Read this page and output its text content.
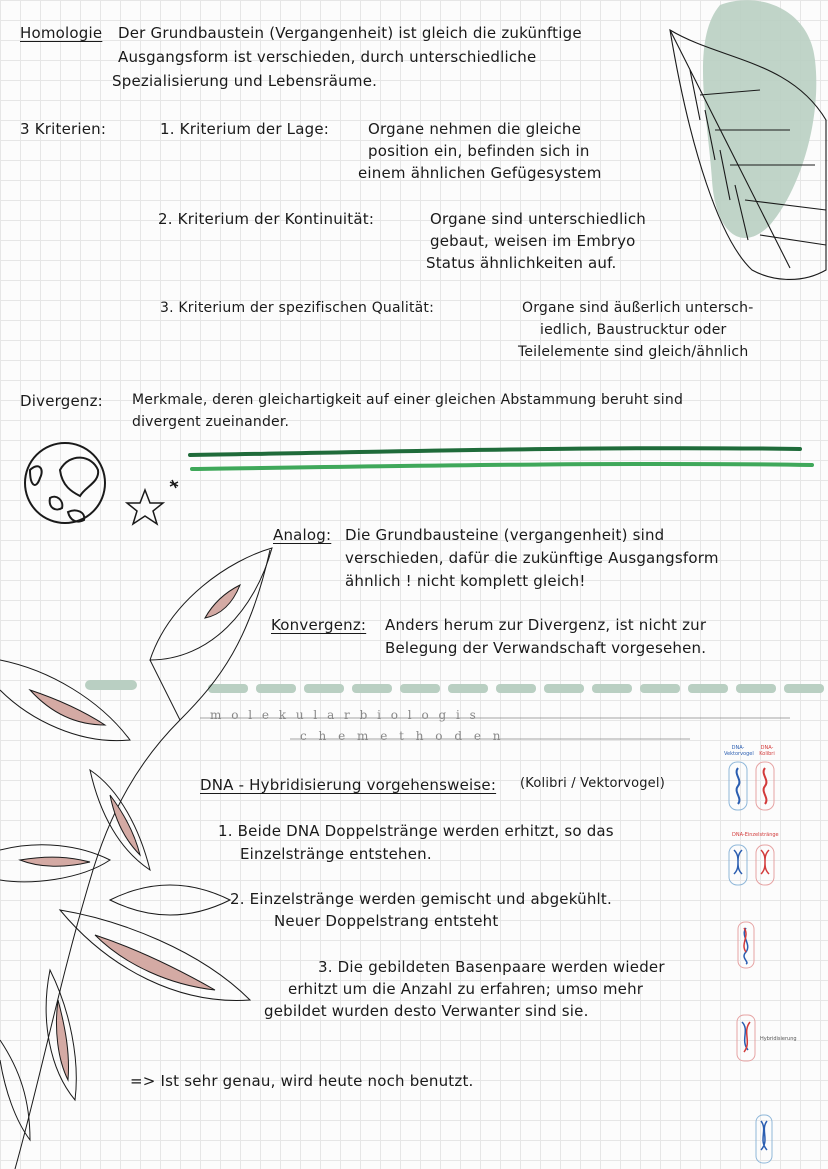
Homologie Der Grundbaustein (Vergangenheit) ist gleich die zukünftige
Ausgangsform ist verschieden, durch unterschiedliche
Spezialisierung und Lebensräume.
3 Kriterien:	1. Kriterium der Lage:	Organe nehmen die gleiche
position ein, befinden sich in
einem ähnlichen Gefügesystem
2. Kriterium der Kontinuität:	Organe sind unterschiedlich
gebaut, weisen im Embryo
Status ähnlichkeiten auf.
3. Kriterium der spezifischen Qualität:	Organe sind äußerlich untersch-
iedlich, Baustrucktur oder
Teilelemente sind gleich/ähnlich
Divergenz: Merkmale, deren gleichartigkeit auf einer gleichen Abstammung beruht sind
divergent zueinander.
Analog: Die Grundbausteine (vergangenheit) sind
verschieden, dafür die zukünftige Ausgangsform
ähnlich ! nicht komplett gleich!
Konvergenz: Anders herum zur Divergenz, ist nicht zur
Belegung der Verwandschaft vorgesehen.
m o l e k u l a r b i o l o g i s
c h e m e t h o d e n
DNA - Hybridisierung vorgehensweise: (Kolibri / Vektorvogel)
1. Beide DNA Doppelstränge werden erhitzt, so das
Einzelstränge entstehen.
2. Einzelstränge werden gemischt und abgekühlt.
Neuer Doppelstrang entsteht
3. Die gebildeten Basenpaare werden wieder
erhitzt um die Anzahl zu erfahren; umso mehr
gebildet wurden desto Verwanter sind sie.
=> Ist sehr genau, wird heute noch benutzt.
DNA-Vektorvogel
DNA-Kolibri
DNA-Einzelstränge
Hybridisierung
